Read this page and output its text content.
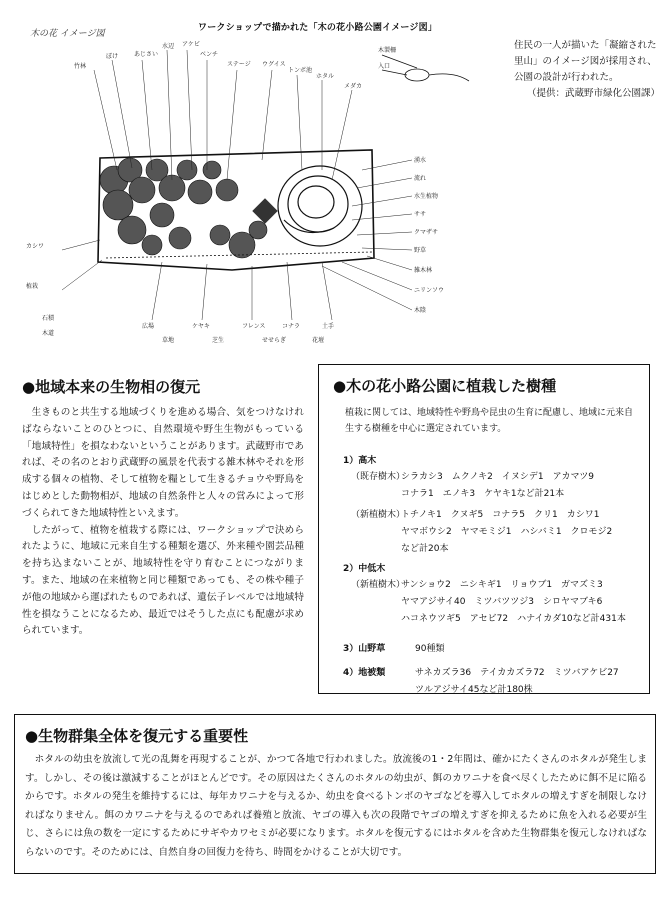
ワークショップで描かれた「木の花小路公園イメージ図」
木の花 イメージ図
竹林
ぼけ	あじさい
水辺 アケビ
ベンチ
ステージ ウグイス
トンボ池
ホタル
メダカ
湧水
流れ
水生植物
ササ
クマザサ
野草
雑木林
ニリンソウ
木陰
広場	ケヤキ	フレンス	コナラ	土手
草地	芝生	せせらぎ	花壇
カシワ
植栽
石積
木道
木製柵
入口
住民の一人が描いた「凝縮された里山」のイメージ図が採用され、公園の設計が行われた。
（提供：武蔵野市緑化公園課）
●地域本来の生物相の復元

生きものと共生する地域づくりを進める場合、気をつけなければならないことのひとつに、自然環境や野生生物がもっている「地域特性」を損なわないということがあります。武蔵野市であれば、その名のとおり武蔵野の風景を代表する雑木林やそれを形成する個々の植物、そして植物を糧として生きるチョウや野鳥をはじめとした動物相が、地域の自然条件と人々の営みによって形づくられてきた地域特性といえます。

したがって、植物を植栽する際には、ワークショップで決められたように、地域に元来自生する種類を選び、外来種や園芸品種を持ち込まないことが、地域特性を守り育むことにつながります。また、地域の在来植物と同じ種類であっても、その株や種子が他の地域から運ばれたものであれば、遺伝子レベルでは地域特性を損なうことになるため、最近ではそうした点にも配慮が求められています。

●木の花小路公園に植栽した樹種

植栽に関しては、地域特性や野鳥や昆虫の生育に配慮し、地域に元来自生する樹種を中心に選定されています。

1）高木
（既存樹木）
シラカシ3　ムクノキ2　イヌシデ1　アカマツ9
コナラ1　エノキ3　ケヤキ1など計21本
（新植樹木）
トチノキ1　クヌギ5　コナラ5　クリ1　カシワ1
ヤマボウシ2　ヤマモミジ1　ハシバミ1　クロモジ2
など計20本
2）中低木
（新植樹木）
サンショウ2　ニシキギ1　リョウブ1　ガマズミ3
ヤマアジサイ40　ミツバツツジ3　シロヤマブキ6
ハコネウツギ5　アセビ72　ハナイカダ10など計431本
3）山野草	90種類
4）地被類	サネカズラ36　テイカカズラ72　ミツバアケビ27
ツルアジサイ45など計180株
●生物群集全体を復元する重要性

ホタルの幼虫を放流して光の乱舞を再現することが、かつて各地で行われました。放流後の1・2年間は、確かにたくさんのホタルが発生します。しかし、その後は激減することがほとんどです。その原因はたくさんのホタルの幼虫が、餌のカワニナを食べ尽くしたために餌不足に陥るからです。ホタルの発生を維持するには、毎年カワニナを与えるか、幼虫を食べるトンボのヤゴなどを導入してホタルの増えすぎを制限しなければなりません。餌のカワニナを与えるのであれば養殖と放流、ヤゴの導入も次の段階でヤゴの増えすぎを抑えるために魚を入れる必要が生じ、さらには魚の数を一定にするためにサギやカワセミが必要になります。ホタルを復元するにはホタルを含めた生物群集を復元しなければならないのです。そのためには、自然自身の回復力を待ち、時間をかけることが大切です。
